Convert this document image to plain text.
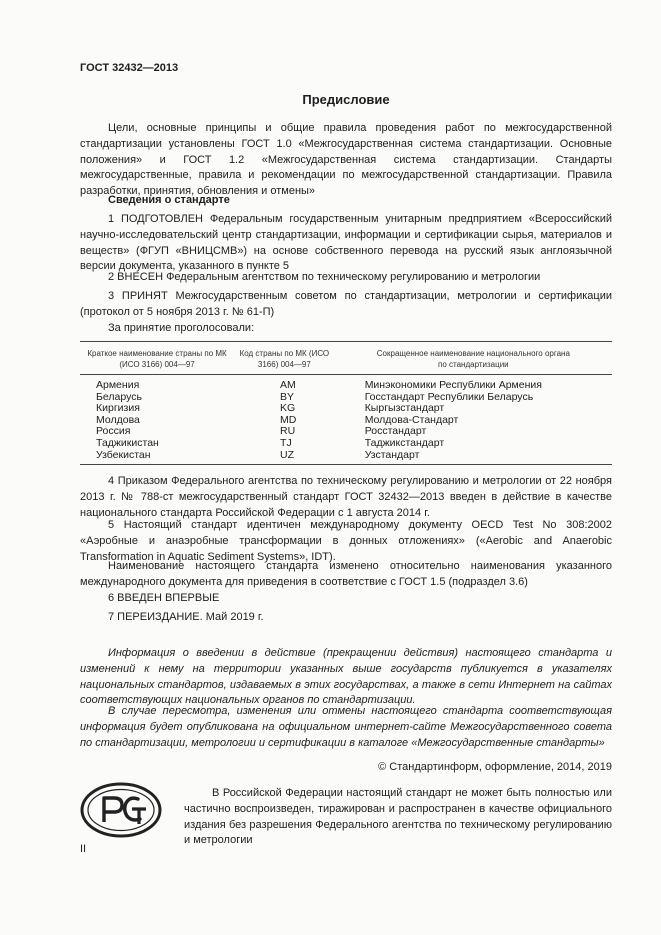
ГОСТ 32432—2013
Предисловие
Цели, основные принципы и общие правила проведения работ по межгосударственной стандартизации установлены ГОСТ 1.0 «Межгосударственная система стандартизации. Основные положения» и ГОСТ 1.2 «Межгосударственная система стандартизации. Стандарты межгосударственные, правила и рекомендации по межгосударственной стандартизации. Правила разработки, принятия, обновления и отмены»
Сведения о стандарте
1 ПОДГОТОВЛЕН Федеральным государственным унитарным предприятием «Всероссийский научно-исследовательский центр стандартизации, информации и сертификации сырья, материалов и веществ» (ФГУП «ВНИЦСМВ») на основе собственного перевода на русский язык англоязычной версии документа, указанного в пункте 5
2 ВНЕСЕН Федеральным агентством по техническому регулированию и метрологии
3 ПРИНЯТ Межгосударственным советом по стандартизации, метрологии и сертификации (протокол от 5 ноября 2013 г. № 61-П)
За принятие проголосовали:
Краткое наименование страны по МК (ИСО 3166) 004—97	Код страны по МК (ИСО 3166) 004—97	Сокращенное наименование национального органа по стандартизации
Армения	AM	Минэкономики Республики Армения
Беларусь	BY	Госстандарт Республики Беларусь
Киргизия	KG	Кыргызстандарт
Молдова	MD	Молдова-Стандарт
Россия	RU	Росстандарт
Таджикистан	TJ	Таджикстандарт
Узбекистан	UZ	Узстандарт
4 Приказом Федерального агентства по техническому регулированию и метрологии от 22 ноября 2013 г. № 788-ст межгосударственный стандарт ГОСТ 32432—2013 введен в действие в качестве национального стандарта Российской Федерации с 1 августа 2014 г.
5 Настоящий стандарт идентичен международному документу OECD Test No 308:2002 «Аэробные и анаэробные трансформации в донных отложениях» («Aerobic and Anaerobic Transformation in Aquatic Sediment Systems», IDT).
Наименование настоящего стандарта изменено относительно наименования указанного международного документа для приведения в соответствие с ГОСТ 1.5 (подраздел 3.6)
6 ВВЕДЕН ВПЕРВЫЕ
7 ПЕРЕИЗДАНИЕ. Май 2019 г.
Информация о введении в действие (прекращении действия) настоящего стандарта и изменений к нему на территории указанных выше государств публикуется в указателях национальных стандартов, издаваемых в этих государствах, а также в сети Интернет на сайтах соответствующих национальных органов по стандартизации.
В случае пересмотра, изменения или отмены настоящего стандарта соответствующая информация будет опубликована на официальном интернет-сайте Межгосударственного совета по стандартизации, метрологии и сертификации в каталоге «Межгосударственные стандарты»
© Стандартинформ, оформление, 2014, 2019
В Российской Федерации настоящий стандарт не может быть полностью или частично воспроизведен, тиражирован и распространен в качестве официального издания без разрешения Федерального агентства по техническому регулированию и метрологии
II
